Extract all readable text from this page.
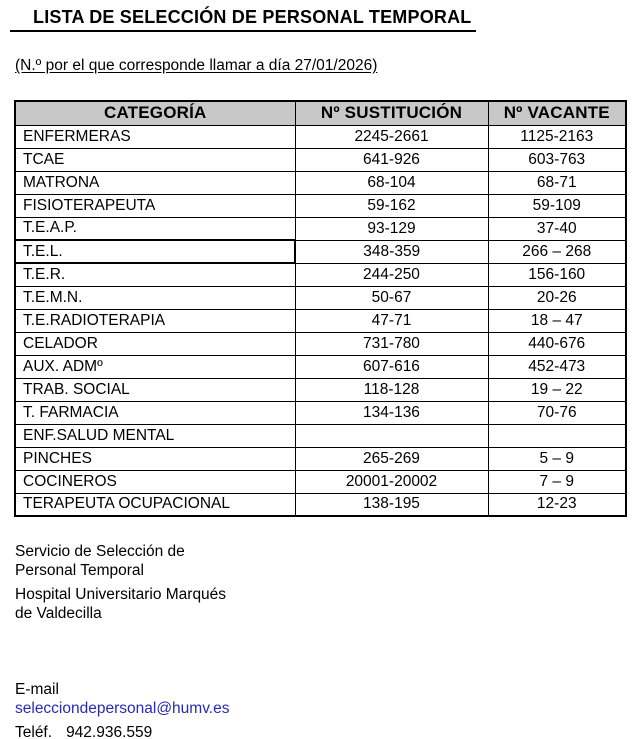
LISTA DE SELECCIÓN DE PERSONAL TEMPORAL
(N.º por el que corresponde llamar a día 27/01/2026)
CATEGORÍA	Nº SUSTITUCIÓN	Nº VACANTE
ENFERMERAS	2245-2661	1125-2163
TCAE	641-926	603-763
MATRONA	68-104	68-71
FISIOTERAPEUTA	59-162	59-109
T.E.A.P.	93-129	37-40
T.E.L.	348-359	266 – 268
T.E.R.	244-250	156-160
T.E.M.N.	50-67	20-26
T.E.RADIOTERAPIA	47-71	18 – 47
CELADOR	731-780	440-676
AUX. ADMº	607-616	452-473
TRAB. SOCIAL	118-128	19 – 22
T. FARMACIA	134-136	70-76
ENF.SALUD MENTAL		
PINCHES	265-269	5 – 9
COCINEROS	20001-20002	7 – 9
TERAPEUTA OCUPACIONAL	138-195	12-23
Servicio de Selección de
Personal Temporal
Hospital Universitario Marqués
de Valdecilla
E-mail
selecciondepersonal@humv.es
Teléf. 942.936.559
